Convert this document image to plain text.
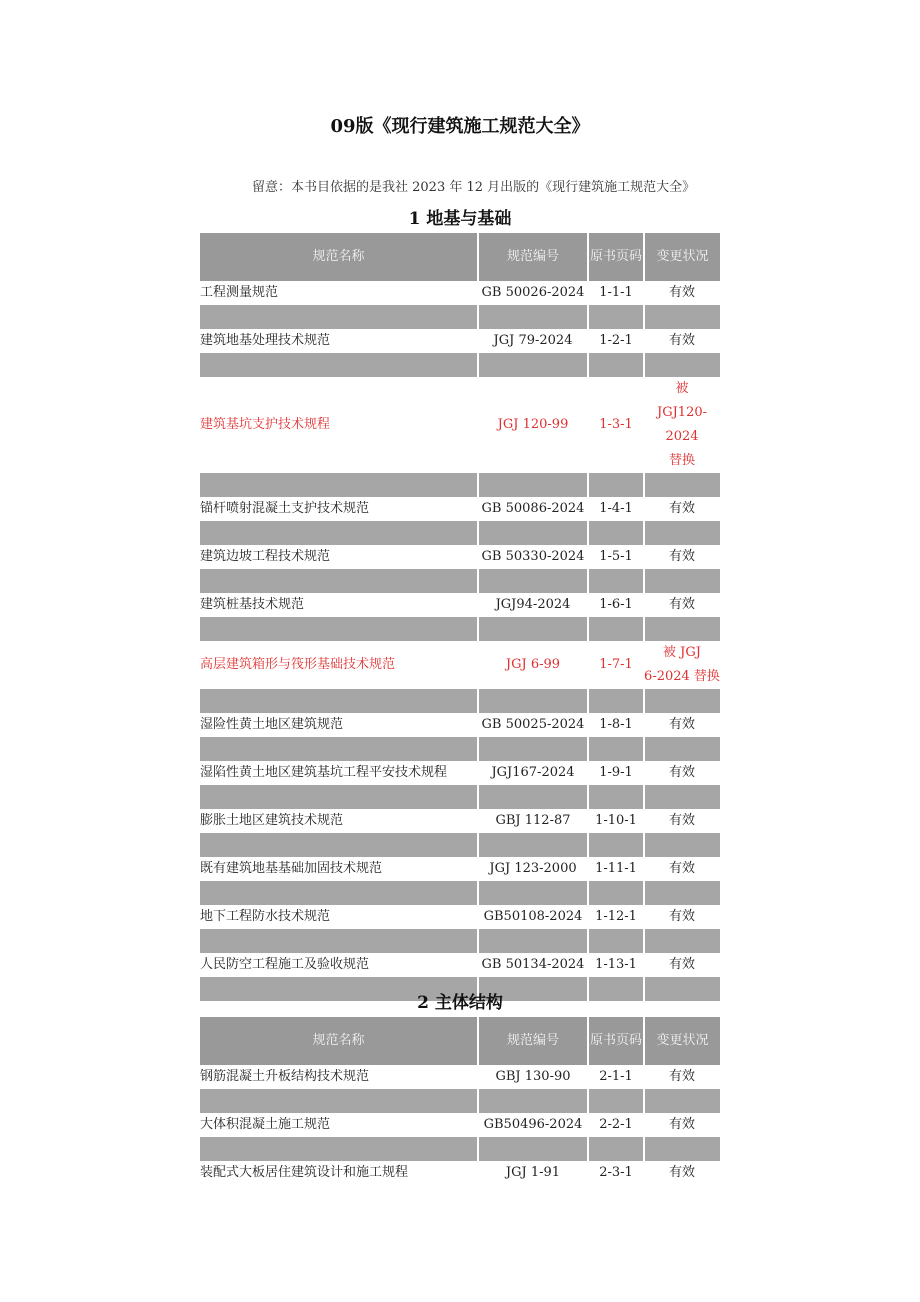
09版《现行建筑施工规范大全》
留意：本书目依据的是我社 2023 年 12 月出版的《现行建筑施工规范大全》
1 地基与基础
规范名称	规范编号	原书页码	变更状况
工程测量规范	GB 50026-2024	1-1-1	有效

建筑地基处理技术规范	JGJ 79-2024	1-2-1	有效

建筑基坑支护技术规程	JGJ 120-99	1-3-1	被
JGJ120-2024
替换

锚杆喷射混凝土支护技术规范	GB 50086-2024	1-4-1	有效

建筑边坡工程技术规范	GB 50330-2024	1-5-1	有效

建筑桩基技术规范	JGJ94-2024	1-6-1	有效

高层建筑箱形与筏形基础技术规范	JGJ 6-99	1-7-1	被 JGJ
6-2024 替换

湿险性黄土地区建筑规范	GB 50025-2024	1-8-1	有效

湿陷性黄土地区建筑基坑工程平安技术规程	JGJ167-2024	1-9-1	有效

膨胀土地区建筑技术规范	GBJ 112-87	1-10-1	有效

既有建筑地基基础加固技术规范	JGJ 123-2000	1-11-1	有效

地下工程防水技术规范	GB50108-2024	1-12-1	有效

人民防空工程施工及验收规范	GB 50134-2024	1-13-1	有效

2 主体结构
规范名称	规范编号	原书页码	变更状况
钢筋混凝土升板结构技术规范	GBJ 130-90	2-1-1	有效

大体积混凝土施工规范	GB50496-2024	2-2-1	有效

装配式大板居住建筑设计和施工规程	JGJ 1-91	2-3-1	有效
